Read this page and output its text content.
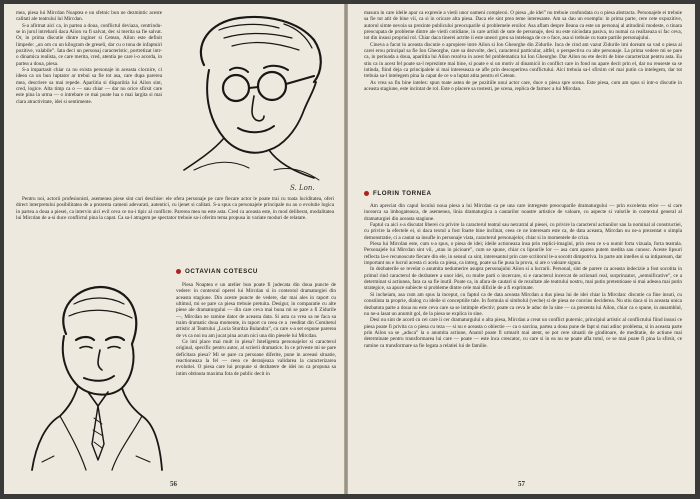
mea, piesa lui Mircdan Noaptea e un sfetnic bun ne dezmintic aceste calitati ale teatrului lui Mircdan.

S-a afirmat aici ca, in partea a doua, conflictul deviaza, centrindu-se in jurul intrebarii daca Aiion va fi salvat, dec si merita sa fie salvat. Or, in prima discutie dintre inginer si Cetean, Ailon este definit limpede: „un om cu un kilogram de greseli, dar cu o tona de infaptuiri pozitive, valabile”. Iata deci un personaj caracteristic, portretizat intr-o dinamica realista, ce care merita, cred, atentia pe care i-o acorda, in partea a doua, piesa.

S-a impartasit chiar ca nu exista personaje in aceasta ciocnire, ci ideea ca un bun luptator ar trebui sa fie tot asa, care dupa parerea mea, descriere sa mai repede. Apariitia si dispariitia lui Ailon sint, cred, logice. Alta timp ca o — sau chiar — dar nu orice sfirsit care este pina la urma — o intrebare ce mai poate lua o mai largita si mai clara atractivitate, idei si sentimente.

S. Lon.

Pentru noi, actorii profesionisti, asemenea piese sint cari deschise: ele ofera personaje pe care fiecare actor le poate trai cu toata luciditatea, oferi direct interpretului posibilitatea de a prezenta cameni adevarati, autentici, cu ijenet si calitati. S-a spus ca personajele principale nu au o evolutie logica in partea a doua a piesei, ca intervin aici evil ceva ce nu-i tipic al conflicte. Parerea mea nu este asta. Cred ca aceasta este, in mod deliberat, modalitatea lui Mircdan de a-si duce conflictul pina la capat. Ca sa-l atragem pe spectator trebuie sa-i oferim tema propusa in variate moduri de relatare.

OCTAVIAN COTESCU

Piesa Noaptea e un atelier bun poate fi judecata din doua puncte de vedere: in contextul operei lui Mircdan si in contextul dramaturgiei din aceasta stagiune. Din aceste puncte de vedere, dar mai ales in raport cu ultimul, mi se pare ca piesa trebuie pretuita. Desigur, in comparatie cu alte piese ale dramaturgului — din care ceva mai buna mi se pare a fi Zidurile —, Mircdan ne ramine dator de aceasta data. Si asta ca vrea sa ne faca sa traim dramatic doua momente, in raport cu ceea ce a  reeditat din Comitetul artistic al Teatrului „Lucia Sturdza Bulandra”, cu care s-a set expune parerea de vs ca noi nu am jucat pina acum nici una din piesele lui Mircdan.

Ce imi place mai mult in piesa? Inteligenta personajelor si caracterul original, specific pentru autor, al scrierii dramatice. In ce priveste mi se pare deficitara piesa? Mi se pare ca persoane diferite, pune in aceeasi situatie, reactioneaza la fel — ceea ce deranjeaza validarea la caracterizarea evolutiei. O piesa care lui propune si dezbatere de idei nu ca propuna sa intim obtinuta maxima fota de public decit in

56

masura in care ideile apar ca expresie a vietii unor oameni complecsi. O piesa „de idei” nu trebuie confundata cu o piesa abstracta. Personajele ei trebuie sa fie tot atit de bine vii, ca si in oricare alta piesa. Daca ele sint prea teme interesante. Am sa dau un exemplu: in prima parte, cere cete expozitive, autorul simte nevoia sa prezinte publicului preocuparile si problemele eroilor. Asa aflam despre Ileana ca este un personaj al atitudinii modeste, o tinara preocupata de probleme dintre ale vietii cotidiane, in care artisti de sute de personaje, desi nu este niciodata pasiva, nu numai ca realizeaza si fac ceva, tot din insusi propriul rol. Chiar daca tinerei actrite ii este uneori greu sa inteleaga de ce o face, asa si trebuie cu toate partile personajului.

Cineva a facut in aceasta discutie o apropiere intre Ailon si Ion Gheorghe din Zidurile. Inca de cind am vazut Zidurile imi doream sa vad o piesa ai carei erou principal sa fie Ion Gheorghe, care sa dezvolte, deci, caracterul particular, altfel, o perspectiva cu alte personaje. La prima vedere mi se pare ca, in perioada a doua, apariitia lui Ailon rezolva in acest fel problematica lui Ion Gheorghe. Dar Ailon nu ete deciti de bine caracterizat pentru asta. Eu stiu ca in acest fel poate sa-l reprezinte mai bine, si poate e si un motiv al dinamicii in conflict care in fond nu apare decit prin el, dar nu reuseste sa se intinda, fiind deja ca principalele si mai intereseaza se afle prin descoperirea conflictului. Aici trebuia sa-l sfirsim cel mai putin ca intelegem, dar tot trebuia sa-l intelegem pina la capat de ce s-a luptat atita pentru el Cetean.

As vrea sa fiu bine inteles: spun toate astea de pe pozitiile unui actor care, duce o piesa spre scena. Este piesa, cum am spus si intr-o discutie in aceasta stagiune, este incintat de rol. Este o placere sa rostesti, pe scena, replica de farmec a lui Mircdan.

FLORIN TORNEA

Am apreciat din capul locului noua piesa a lui Mircdan ca pe una care intregeste preocuparile dramaturgului — prin excelenta etice — si care incearca sa imbogateasca, de asemenea, linia dramaturgica a cautarilor noastre artistice de valoare, cu aspecte si valorile in contextul general al dramaturgiei din aceasta stagiune.

Faptul ca aici s-a discutat liberei cu privire la caracterul teatral sau netcatral al piesei, cu privire la caracterul actiunilor sau la nominal al constructiei, cu privire la efectele ei, si daca textul a fost foarte bine inclinat, ceea ce ne interesam este ca, de data aceasta, Mircdan nu ne-a prezentat o simpla demonstratie, ci a cautat sa insufle in personaje viata, caracterul personajelor, chiar si in momentele de criza.

Piesa lui Mircdan este, cum s-a spus, o piesa de idei; ideile actioneaza insa prin replici-imagini, prin ceea ce s-a numit forta vizuala, forta teatrala. Personajele lui Mircdan sint vii, „stau in picioare”, cum se spune, chiar cu lipsurile lor — asa cum aparea putem medita sau cunosc. Aceste lipsuri reflecta la-e recunoscute fiecare din ele, in sensul ca sint, interesantul prin care scriitorul le-a socotit dimpotriva. In parte am intelles si sa intipaream, dar important nu e lucrul acesta ci acela ca piesa, ca intreg, poate sa fie pusa la prova, si are o valoare sigura.

In dezbaterile se revelat o anumita nedumerire asupra personajului Aiion si a lucrarii. Personal, sint de parere ca aceasta indecizie a fost socotita in primul rind caracterul de dezbatere a unor idei, cu multe parti o incercare, si e caracterul incercat de actionari real, surprinzator, „semnificative”, ce a determinat si actiunea, fara ca sa fie inutil. Poate ca, in afara de cautari si de rezultate ale teatrului nostru, mai putin pretentioase si mai adesea mai putin strategice, sa apuce subiecte si probleme dintre cele mai dificile de a fi exprimate.

Si incheiam, asa cum am spus la inceput, cu faptul ca de data aceasta Mircdan a dus piesa lui de idei chiar la Mircdan: discutie ca fine insuti, cu constiinta ta proprie, dialog cu ideile si conceptiile tale. In formula si simbolul (veche) si de piesa ne convins deciderea. Nu stiu daca si in aceasta unica dezbatuta parte a doua nu este ceva care sa se intimple efectiv; poate ca ceva le aduc de la sine — ca prezenta lui Ailon, chiar ca o spune, in ansamblul, nu ne-a lasat un anumit gol, de la piesa se explica in sine.

Desi nu sint de acord cu cei care ii cer dramaturgului o alta piesa, Mircdan a creat un conflict puternic, principiul artistic al conflictului fiind insusi ce piesa poate fi privita ca o piesa cu teza — si nu e aceasta o obiectie — ca o sarcina, partea a doua pune de fapt si mai adinc problema, si in aceasta parte prin Ailon sa se „aduca” la o anumita actiune, Anatol poate fi urmarit mai atent, se pot cere situatii de ginditoare, de meditatie, de actiune mai determinate pentru transformarea lui care — poate — este inca crescator, cu care si in ea nu se poate afla totul, ce se mai poate fi pina la sfirsit, ce ramine ca transformare sa fie legata a relatiei lui de familie.

57
